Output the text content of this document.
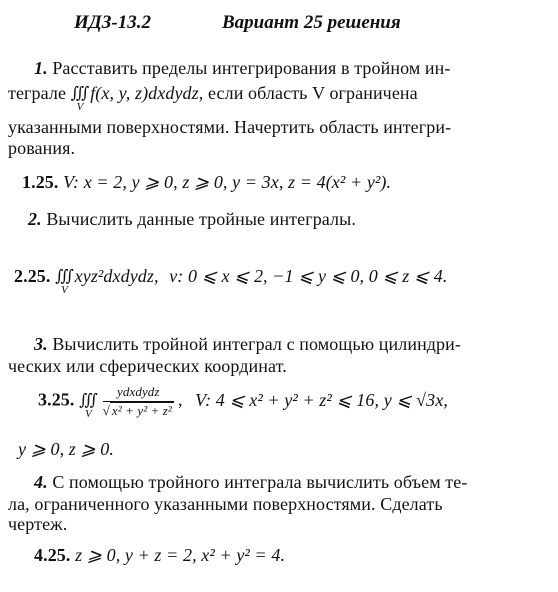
ИДЗ-13.2	Вариант 25 решения
1. Расставить пределы интегрирования в тройном ин-
теграле ∭
V
f(x, y, z)dxdydz, если область V ограничена
указанными поверхностями. Начертить область интегри-
рования.
1.25. V: x = 2, y ⩾ 0, z ⩾ 0, y = 3x, z = 4(x² + y²).
2. Вычислить данные тройные интегралы.
2.25. ∭
V
xyz²dxdydz, v: 0 ⩽ x ⩽ 2, −1 ⩽ y ⩽ 0, 0 ⩽ z ⩽ 4.
3. Вычислить тройной интеграл с помощью цилиндри-
ческих или сферических координат.
3.25. ∭
V $\frac{\text{ydxdydz}}{\text{√ x² + y² + z²}}$ , V: 4 ⩽ x² + y² + z² ⩽ 16, y ⩽ √3x,
y ⩾ 0, z ⩾ 0.
4. С помощью тройного интеграла вычислить объем те-
ла, ограниченного указанными поверхностями. Сделать
чертеж.
4.25. z ⩾ 0, y + z = 2, x² + y² = 4.
